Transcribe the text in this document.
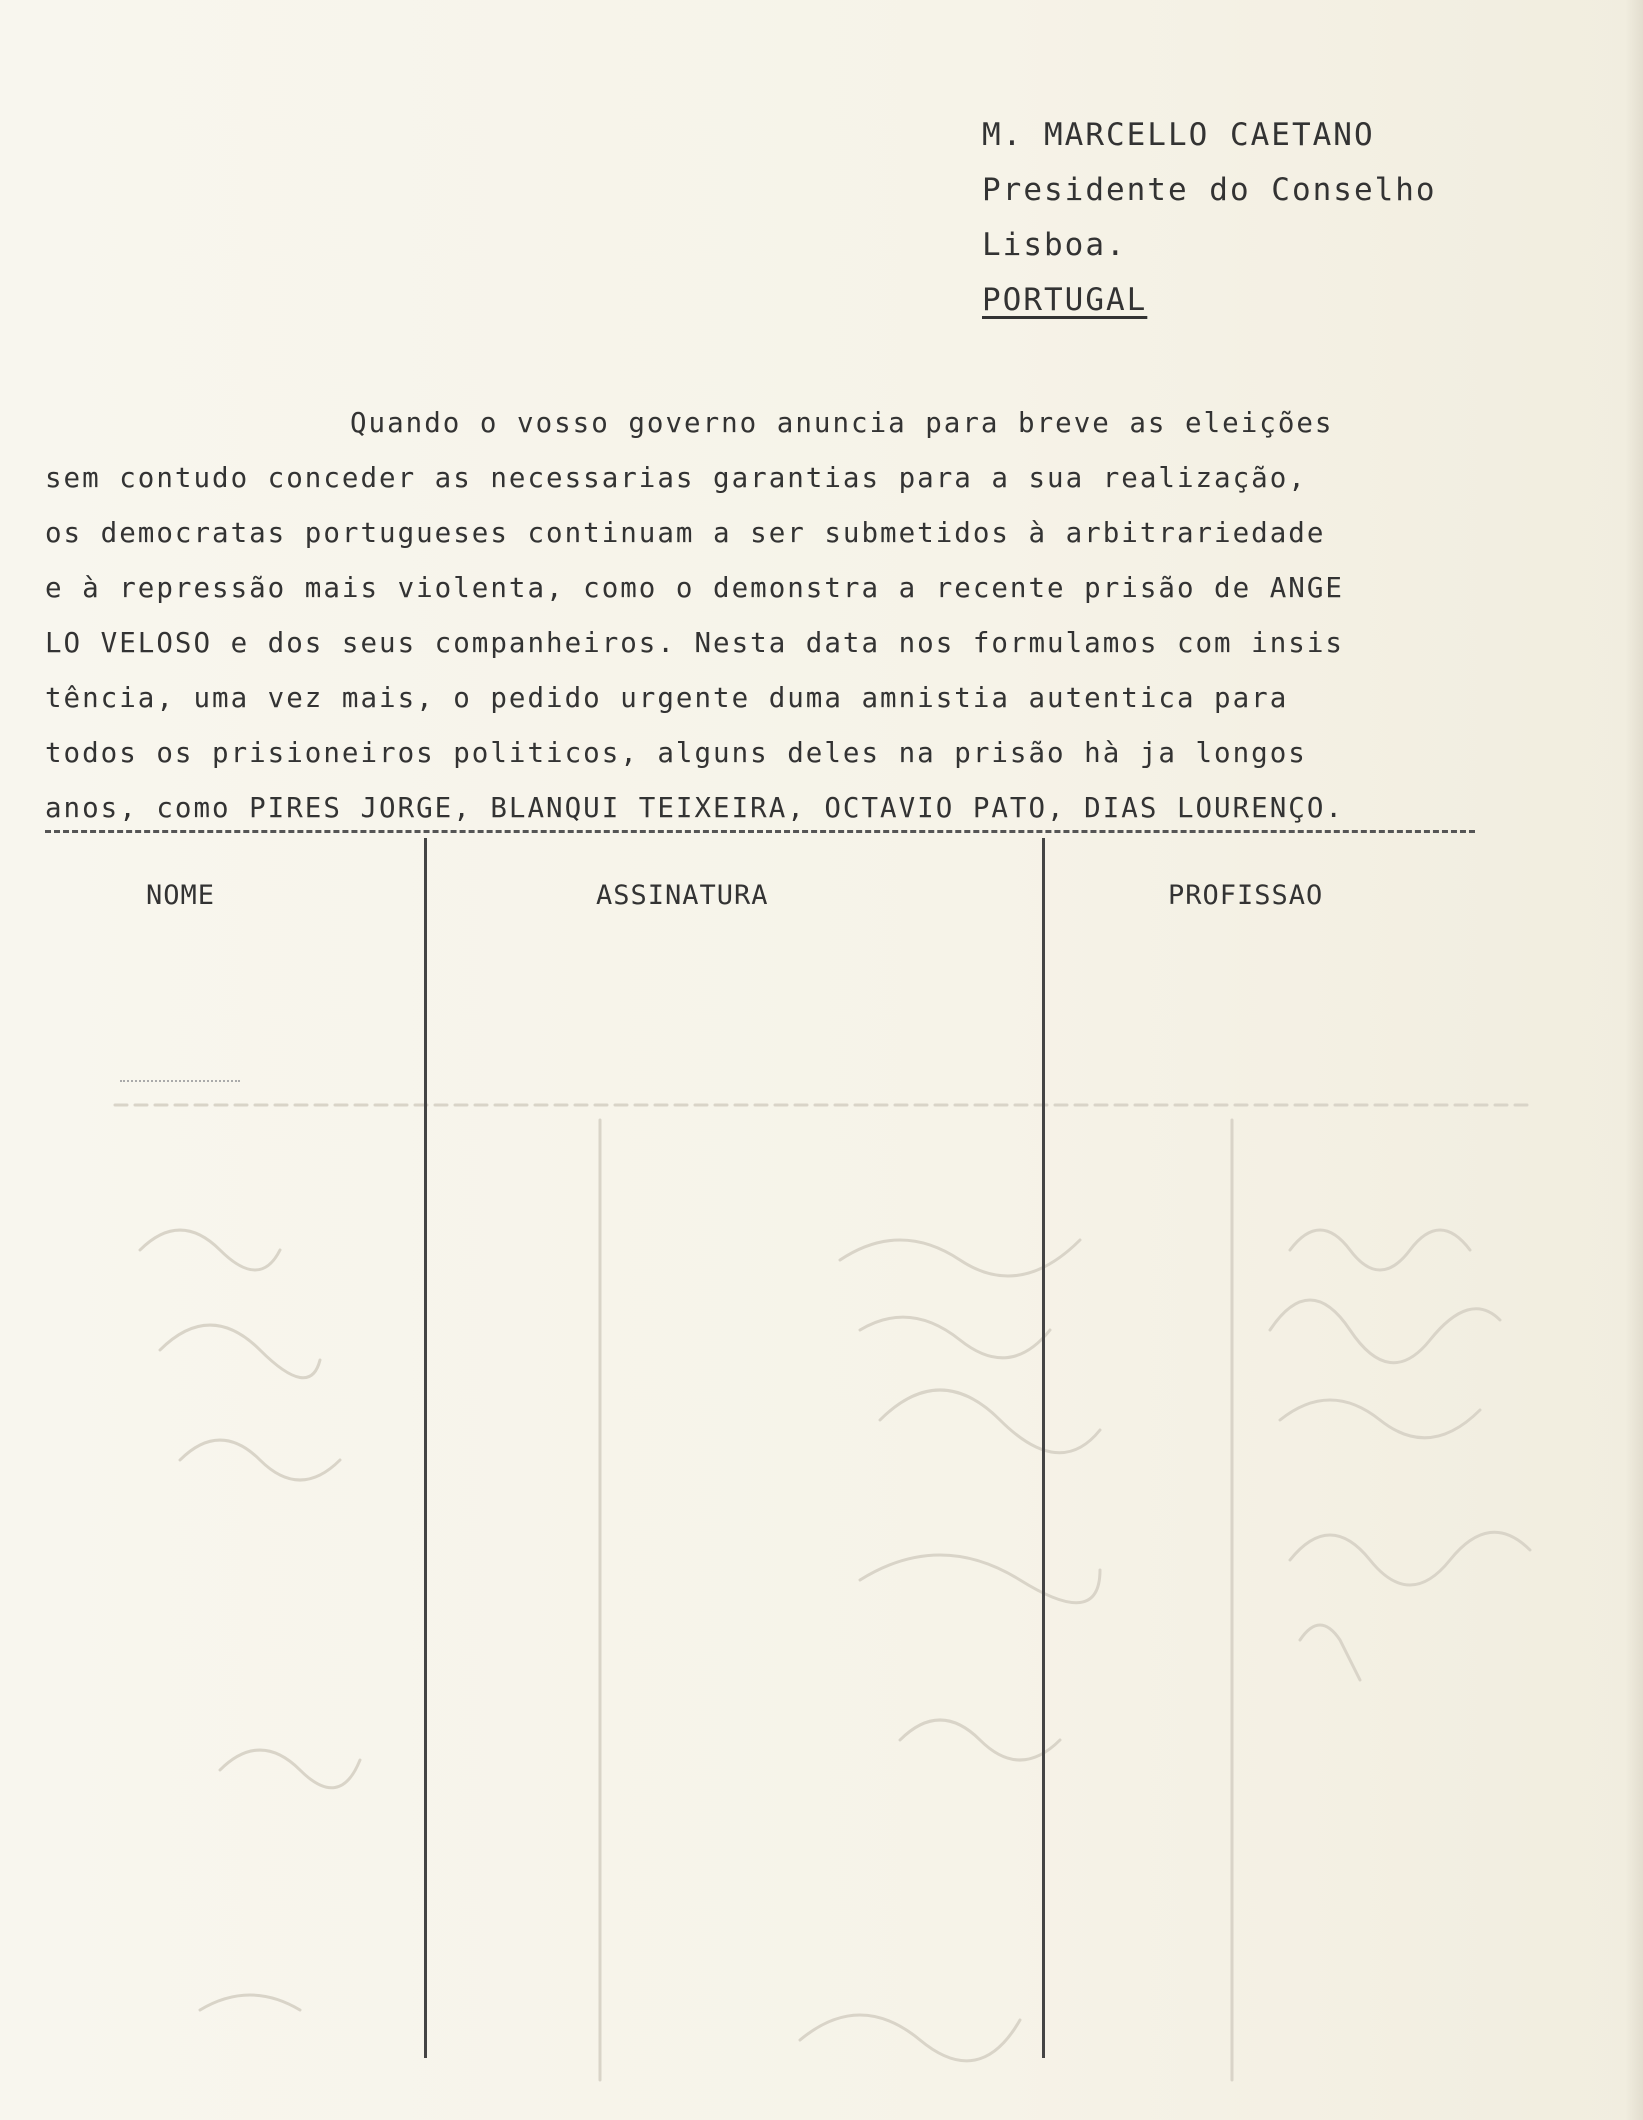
M. MARCELLO CAETANO
Presidente do Conselho
Lisboa.
PORTUGAL

Quando o vosso governo anuncia para breve as eleições

sem contudo conceder as necessarias garantias para a sua realização,

os democratas portugueses continuam a ser submetidos à arbitrariedade

e à repressão mais violenta, como o demonstra a recente prisão de ANGE

LO VELOSO e dos seus companheiros. Nesta data nos formulamos com insis

tência, uma vez mais, o pedido urgente duma amnistia autentica para

todos os prisioneiros politicos, alguns deles na prisão hà ja longos

anos, como PIRES JORGE, BLANQUI TEIXEIRA, OCTAVIO PATO, DIAS LOURENÇO.

NOME	ASSINATURA	PROFISSAO
